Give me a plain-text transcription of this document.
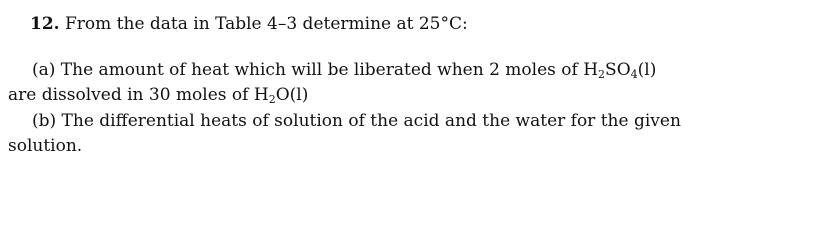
12. From the data in Table 4–3 determine at 25°C:
(a) The amount of heat which will be liberated when 2 moles of $H_2SO_4(l)$
are dissolved in 30 moles of $H_2O(l)$
(b) The differential heats of solution of the acid and the water for the given
solution.
